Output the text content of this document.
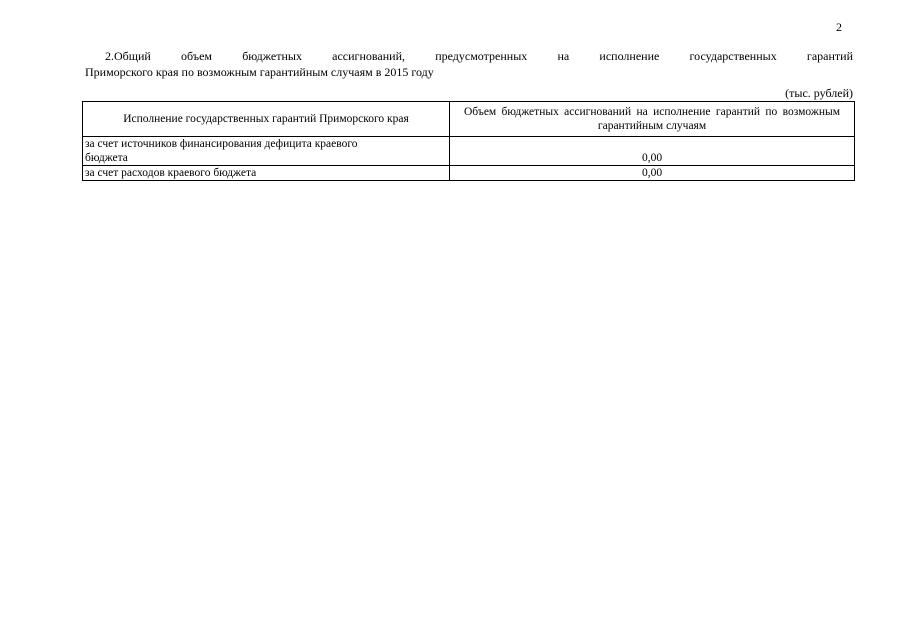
2
2.Общий объем бюджетных ассигнований, предусмотренных на исполнение государственных гарантий
Приморского края по возможным гарантийным случаям в 2015 году
(тыс. рублей)
Исполнение государственных гарантий Приморского края	Объем бюджетных ассигнований на исполнение гарантий по возможным гарантийным случаям
за счет источников финансирования дефицита краевого
бюджета	0,00
за счет расходов краевого бюджета	0,00
